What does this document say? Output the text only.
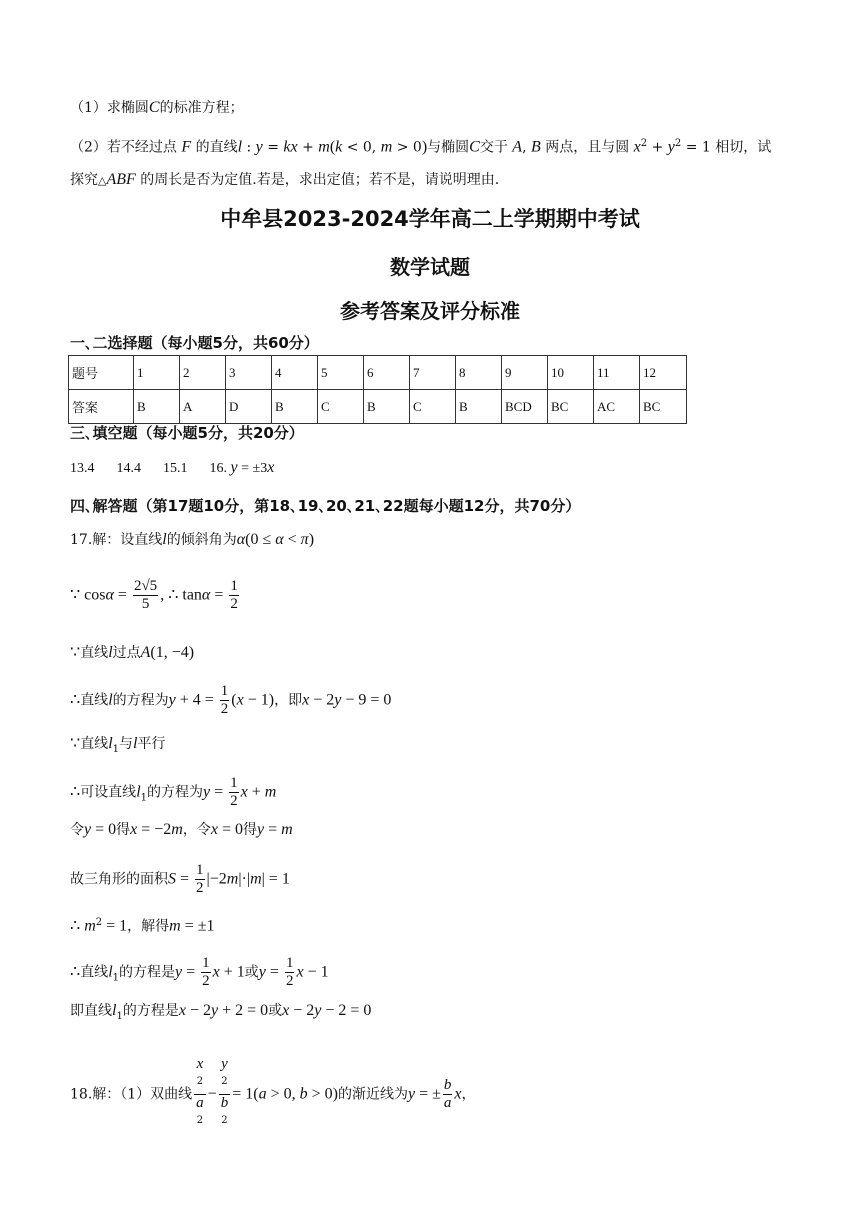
（1）求椭圆C的标准方程；
（2）若不经过点 F 的直线l : y = kx + m(k < 0, m > 0)与椭圆C交于 A, B 两点，且与圆 $x^2 + y^2 = 1$ 相切，试
探究△ABF 的周长是否为定值.若是，求出定值；若不是，请说明理由.
中牟县2023-2024学年高二上学期期中考试
数学试题
参考答案及评分标准
一､二选择题（每小题5分，共60分）
题号	1	2	3	4	5	6	7	8	9	10	11	12
答案	B	A	D	B	C	B	C	B	BCD	BC	AC	BC
三､填空题（每小题5分，共20分）
13.4 14.4 15.1 16. y = ±3x
四､解答题（第17题10分，第18､19､20､21､22题每小题12分，共70分）
17.解：设直线l的倾斜角为α(0 ≤ α < π)
∵ $\cos\alpha = \frac{2√5}{5}$ , ∴ $\tan\alpha = \frac{1}{2}$
∵直线l过点A(1, −4)
∴直线l的方程为$y + 4 = \frac{1}{2} (x - 1)$，即x − 2y − 9 = 0
∵直线$l_1$与l平行
∴可设直线$l_1$的方程为$y = \frac{1}{2}$ x + m
令y = 0得x = −2m，令x = 0得y = m
故三角形的面积$S = \frac{1}{2} |-2m|\cdot|m| = 1$
∴ $m^2 = 1$，解得m = ±1
∴直线$l_1$的方程是$y = \frac{1}{2}$ x + 1或$y = \frac{1}{2}$ x − 1
即直线$l_1$的方程是x − 2y + 2 = 0或x − 2y − 2 = 0
18.解：（1）双曲线 x
$^2$
a
$^2$ − y
$^2$
b
$^2$ = 1(a > 0, b > 0)的渐近线为y = ± $\frac{b}{a}$ x，
